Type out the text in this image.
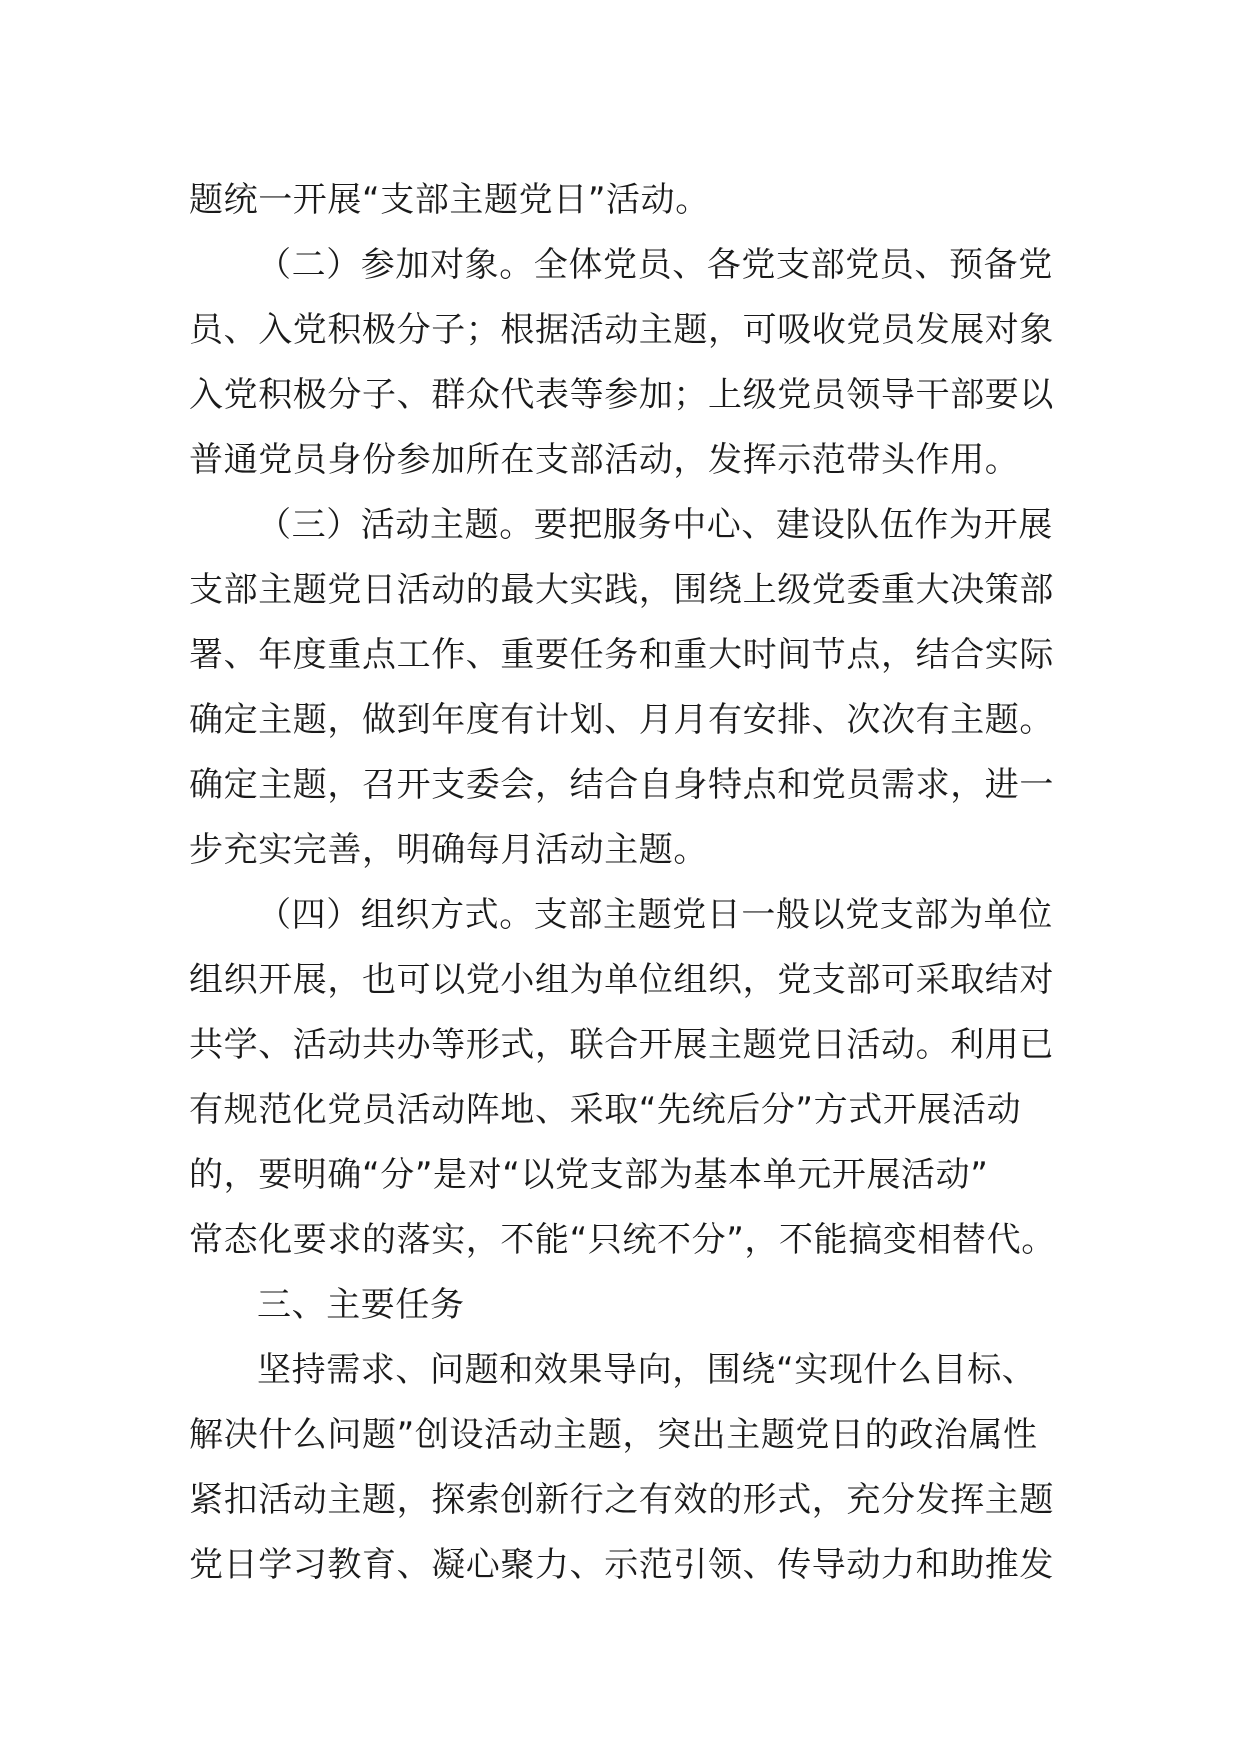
题统一开展“支部主题党日”活动。
（二）参加对象。全体党员、各党支部党员、预备党
员、入党积极分子；根据活动主题，可吸收党员发展对象
入党积极分子、群众代表等参加；上级党员领导干部要以
普通党员身份参加所在支部活动，发挥示范带头作用。
（三）活动主题。要把服务中心、建设队伍作为开展
支部主题党日活动的最大实践，围绕上级党委重大决策部
署、年度重点工作、重要任务和重大时间节点，结合实际
确定主题，做到年度有计划、月月有安排、次次有主题。
确定主题，召开支委会，结合自身特点和党员需求，进一
步充实完善，明确每月活动主题。
（四）组织方式。支部主题党日一般以党支部为单位
组织开展，也可以党小组为单位组织，党支部可采取结对
共学、活动共办等形式，联合开展主题党日活动。利用已
有规范化党员活动阵地、采取“先统后分”方式开展活动
的，要明确“分”是对“以党支部为基本单元开展活动”
常态化要求的落实，不能“只统不分”，不能搞变相替代。
三、主要任务
坚持需求、问题和效果导向，围绕“实现什么目标、
解决什么问题”创设活动主题，突出主题党日的政治属性
紧扣活动主题，探索创新行之有效的形式，充分发挥主题
党日学习教育、凝心聚力、示范引领、传导动力和助推发
